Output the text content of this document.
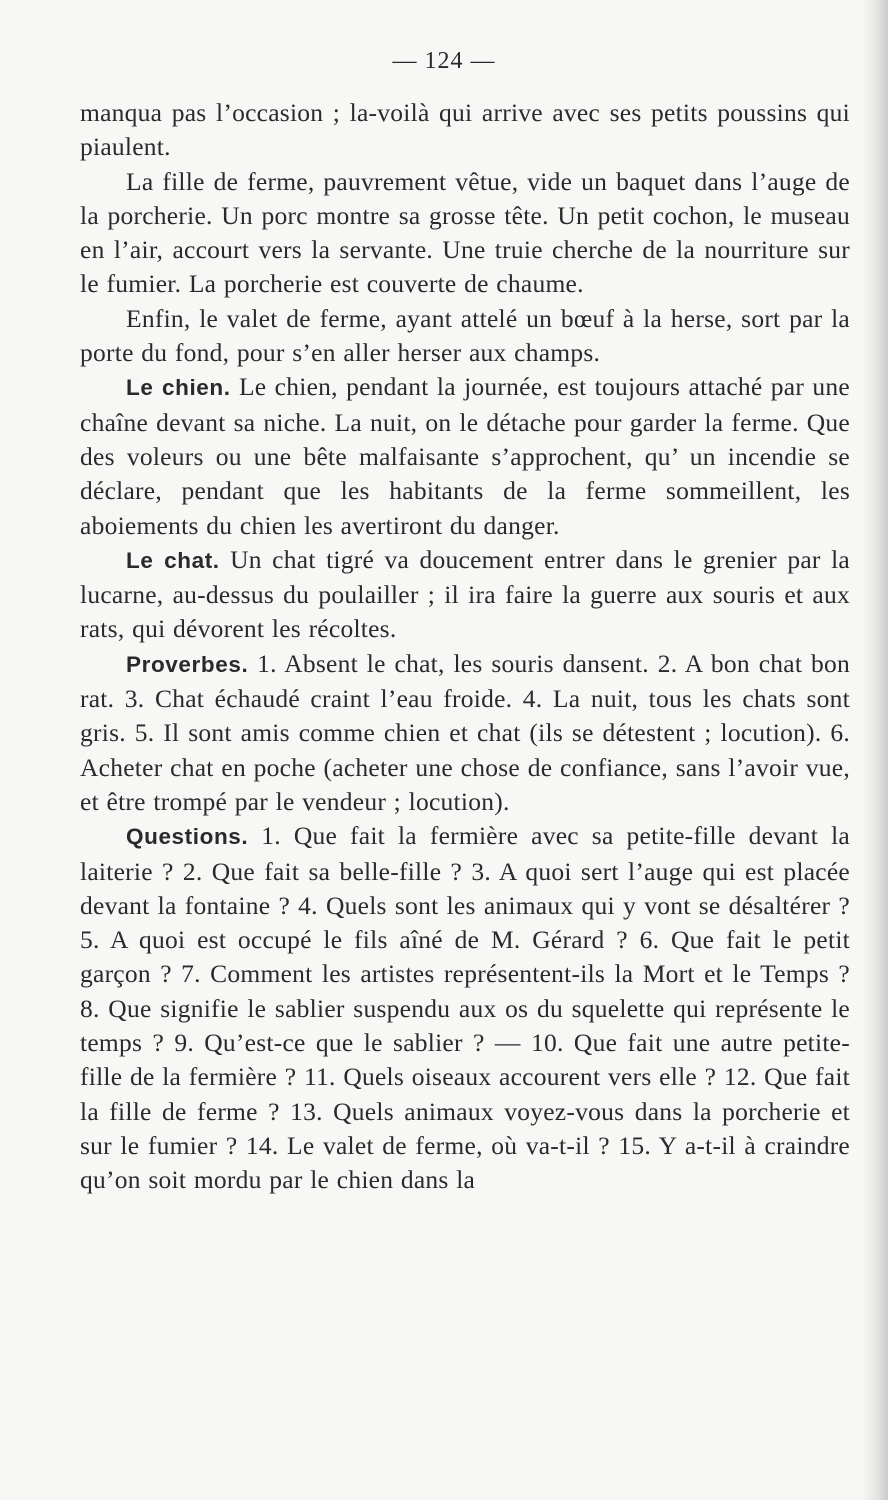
— 124 —

manqua pas l’occasion ; la-voilà qui arrive avec ses petits poussins qui piaulent.

La fille de ferme, pauvrement vêtue, vide un baquet dans l’auge de la porcherie. Un porc montre sa grosse tête. Un petit cochon, le museau en l’air, accourt vers la servante. Une truie cherche de la nourriture sur le fumier. La porcherie est couverte de chaume.

Enfin, le valet de ferme, ayant attelé un bœuf à la herse, sort par la porte du fond, pour s’en aller herser aux champs.

Le chien. Le chien, pendant la journée, est toujours attaché par une chaîne devant sa niche. La nuit, on le détache pour garder la ferme. Que des voleurs ou une bête malfaisante s’approchent, qu’ un incendie se déclare, pendant que les habitants de la ferme sommeillent, les aboiements du chien les avertiront du danger.

Le chat. Un chat tigré va doucement entrer dans le grenier par la lucarne, au-dessus du poulailler ; il ira faire la guerre aux souris et aux rats, qui dévorent les récoltes.

Proverbes. 1. Absent le chat, les souris dansent. 2. A bon chat bon rat. 3. Chat échaudé craint l’eau froide. 4. La nuit, tous les chats sont gris. 5. Il sont amis comme chien et chat (ils se détestent ; locution). 6. Acheter chat en poche (acheter une chose de confiance, sans l’avoir vue, et être trompé par le vendeur ; locution).

Questions. 1. Que fait la fermière avec sa petite-fille devant la laiterie ? 2. Que fait sa belle-fille ? 3. A quoi sert l’auge qui est placée devant la fontaine ? 4. Quels sont les animaux qui y vont se désaltérer ? 5. A quoi est occupé le fils aîné de M. Gérard ? 6. Que fait le petit garçon ? 7. Comment les artistes représentent-ils la Mort et le Temps ? 8. Que signifie le sablier suspendu aux os du squelette qui représente le temps ? 9. Qu’est-ce que le sablier ? — 10. Que fait une autre petite-fille de la fermière ? 11. Quels oiseaux accourent vers elle ? 12. Que fait la fille de ferme ? 13. Quels animaux voyez-vous dans la porcherie et sur le fumier ? 14. Le valet de ferme, où va-t-il ? 15. Y a-t-il à craindre qu’on soit mordu par le chien dans la
